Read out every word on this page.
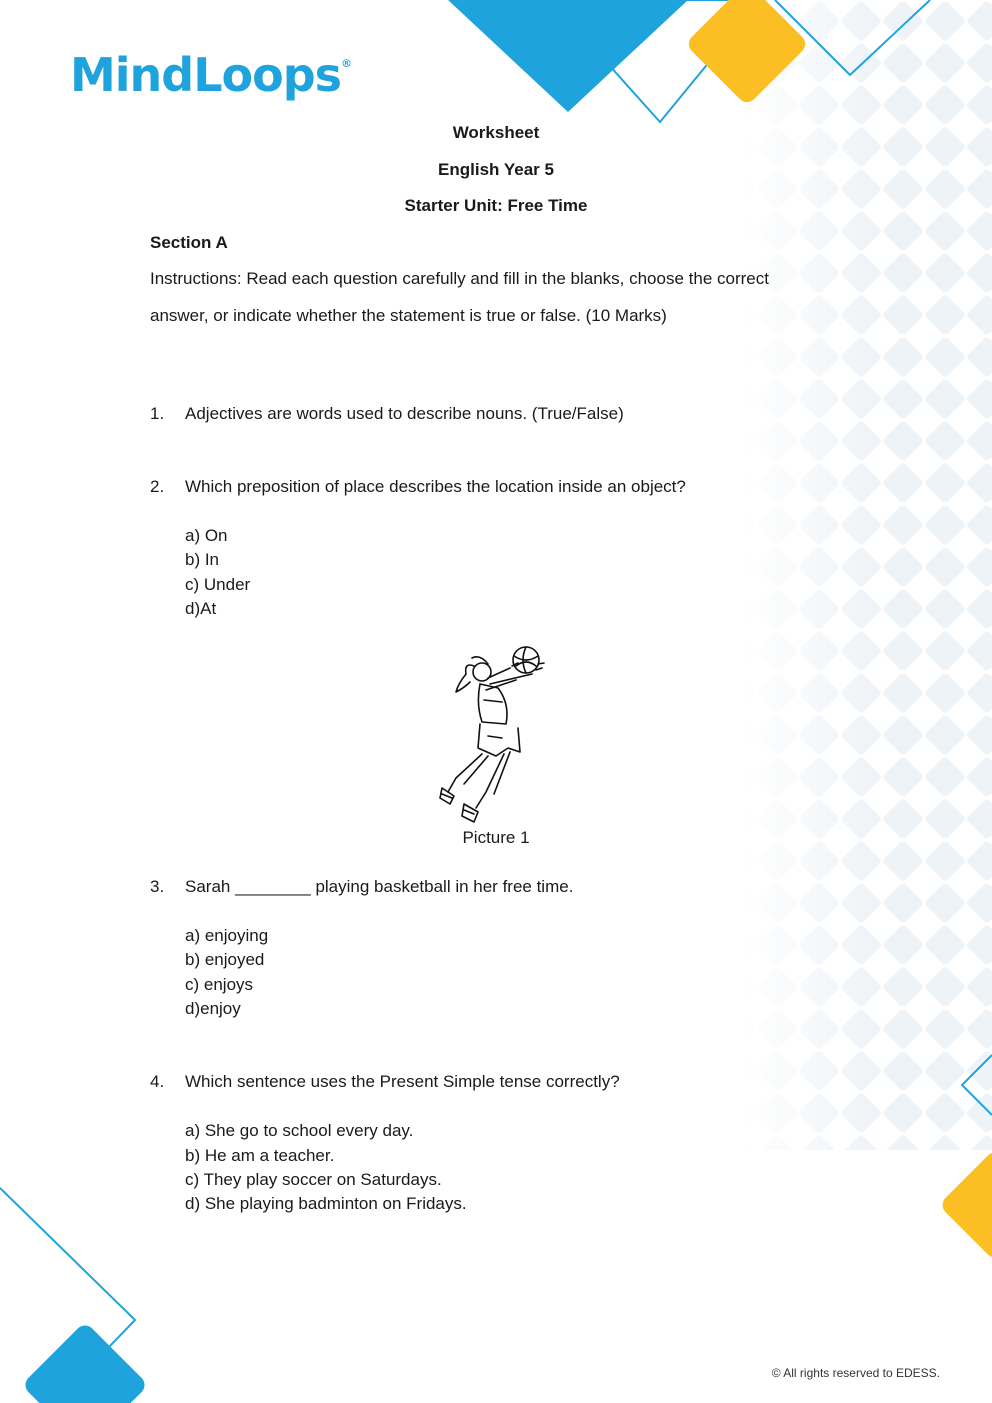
MindLoops®
Worksheet
English Year 5
Starter Unit: Free Time
Section A
Instructions: Read each question carefully and fill in the blanks, choose the correct
answer, or indicate whether the statement is true or false. (10 Marks)
1. Adjectives are words used to describe nouns. (True/False)
2. Which preposition of place describes the location inside an object?
a) On
b) In
c) Under
d)At
Picture 1
3. Sarah ________ playing basketball in her free time.
a) enjoying
b) enjoyed
c) enjoys
d)enjoy
4. Which sentence uses the Present Simple tense correctly?
a) She go to school every day.
b) He am a teacher.
c) They play soccer on Saturdays.
d) She playing badminton on Fridays.
© All rights reserved to EDESS.
